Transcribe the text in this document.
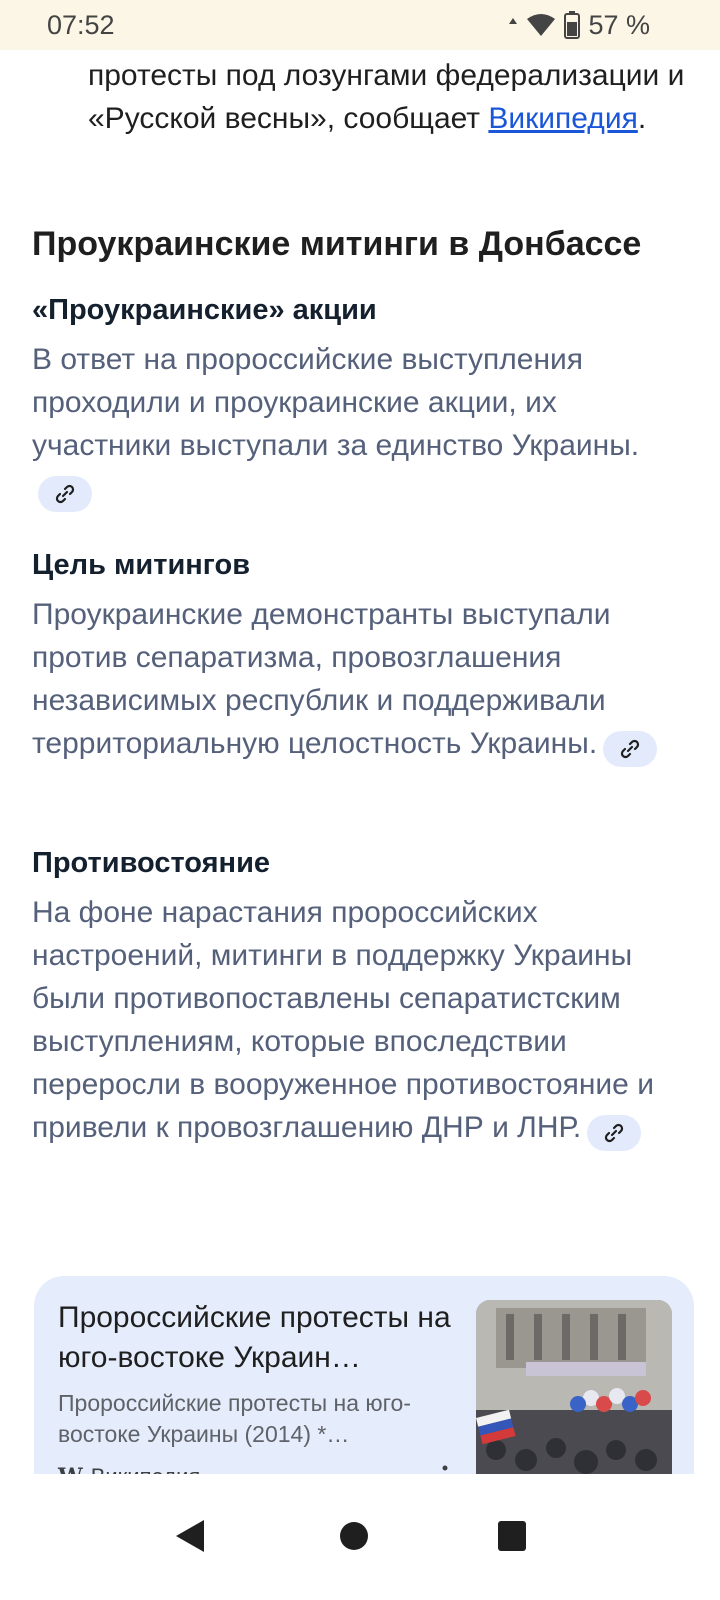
07:52	57 %

протесты под лозунгами федерализации и «Русской весны», сообщает Википедия.

Проукраинские митинги в Донбассе
«Проукраинские» акции

В ответ на пророссийские выступления проходили и проукраинские акции, их участники выступали за единство Украины.

Цель митингов

Проукраинские демонстранты выступали против сепаратизма, провозглашения независимых республик и поддерживали территориальную целостность Украины.

Противостояние

На фоне нарастания пророссийских настроений, митинги в поддержку Украины были противопоставлены сепаратистским выступлениям, которые впоследствии переросли в вооруженное противостояние и привели к провозглашению ДНР и ЛНР.

Пророссийские протесты на юго-востоке Украин…
Пророссийские протесты на юго-востоке Украины (2014) *…
